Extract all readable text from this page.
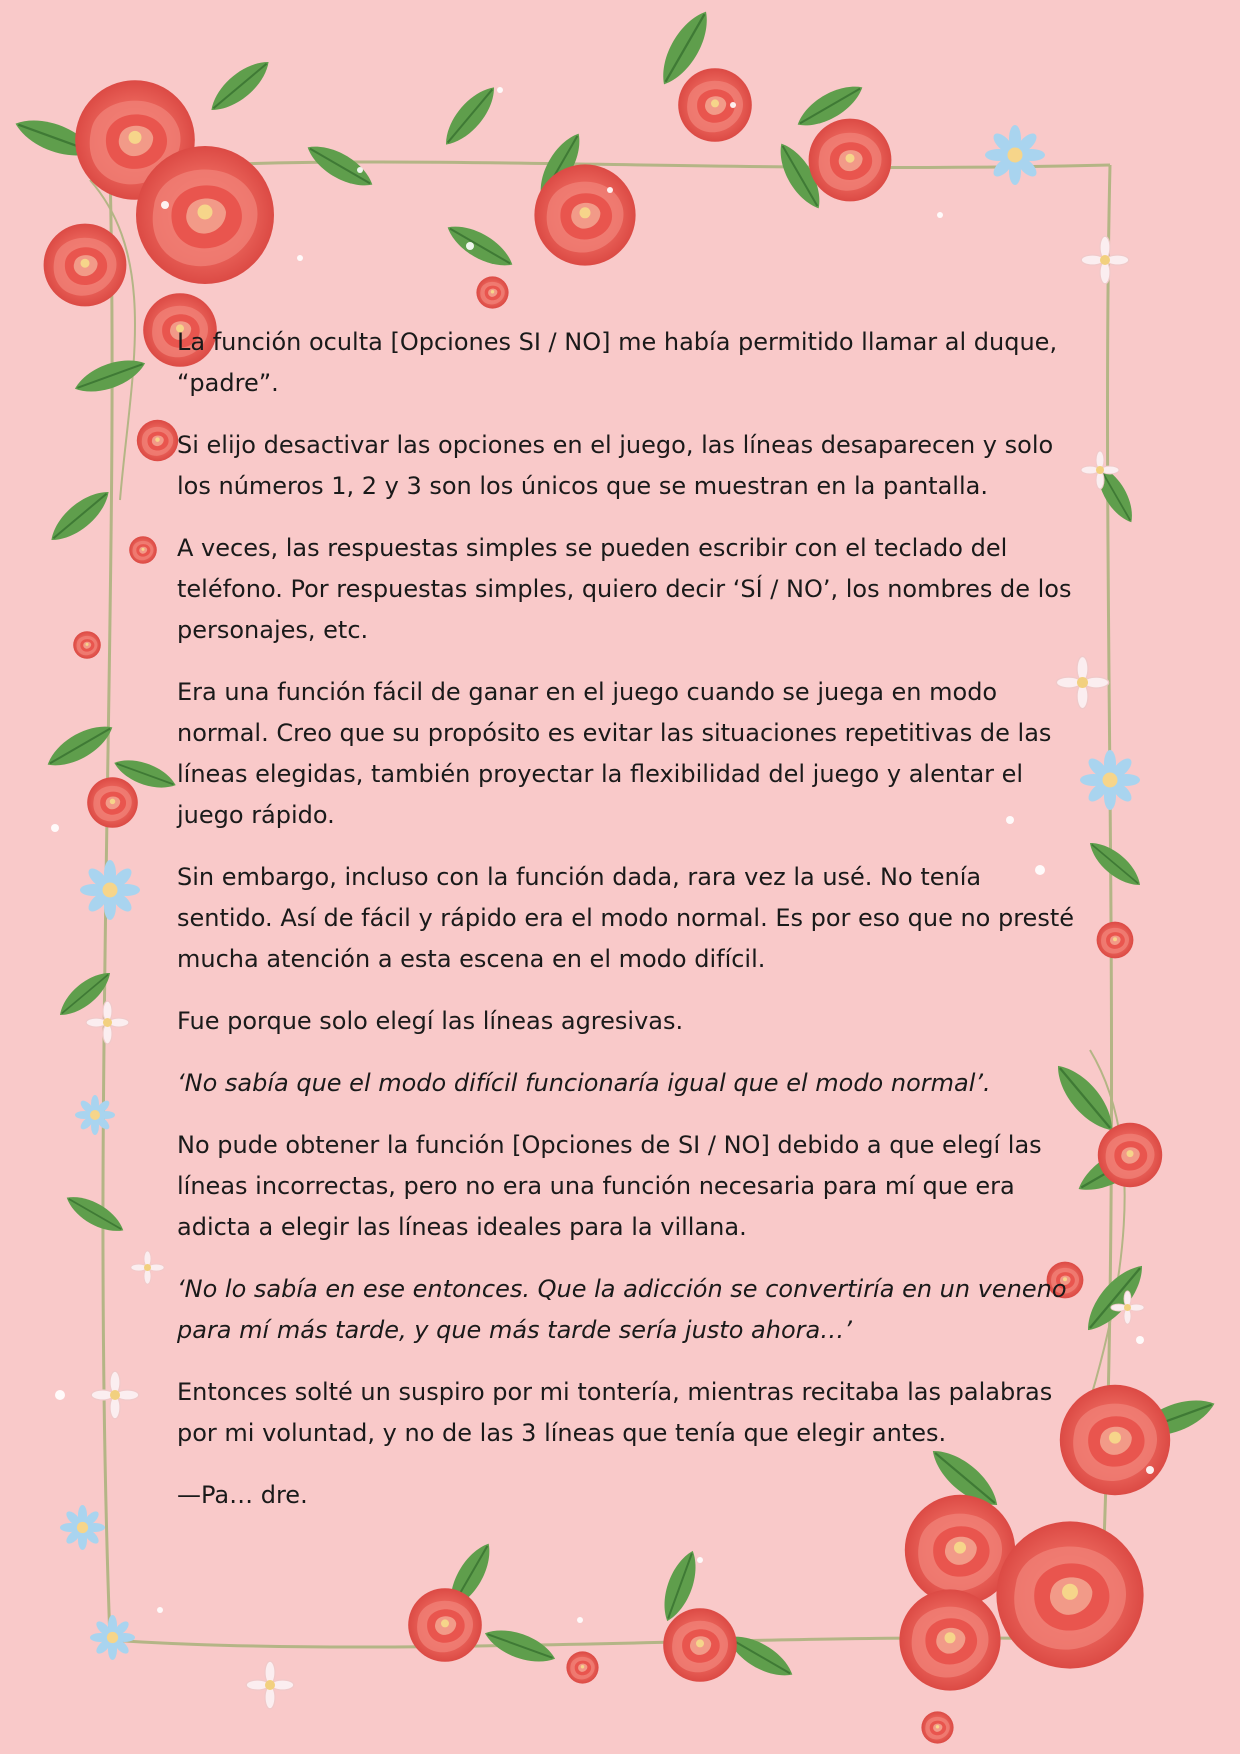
La función oculta [Opciones SI / NO] me había permitido llamar al duque, “padre”.

Si elijo desactivar las opciones en el juego, las líneas desaparecen y solo los números 1, 2 y 3 son los únicos que se muestran en la pantalla.

A veces, las respuestas simples se pueden escribir con el teclado del teléfono. Por respuestas simples, quiero decir ‘SÍ / NO’, los nombres de los personajes, etc.

Era una función fácil de ganar en el juego cuando se juega en modo normal. Creo que su propósito es evitar las situaciones repetitivas de las líneas elegidas, también proyectar la flexibilidad del juego y alentar el juego rápido.

Sin embargo, incluso con la función dada, rara vez la usé. No tenía sentido. Así de fácil y rápido era el modo normal. Es por eso que no presté mucha atención a esta escena en el modo difícil.

Fue porque solo elegí las líneas agresivas.

‘No sabía que el modo difícil funcionaría igual que el modo normal’.

No pude obtener la función [Opciones de SI / NO] debido a que elegí las líneas incorrectas, pero no era una función necesaria para mí que era adicta a elegir las líneas ideales para la villana.

‘No lo sabía en ese entonces. Que la adicción se convertiría en un veneno para mí más tarde, y que más tarde sería justo ahora…’

Entonces solté un suspiro por mi tontería, mientras recitaba las palabras por mi voluntad, y no de las 3 líneas que tenía que elegir antes.

—Pa… dre.
